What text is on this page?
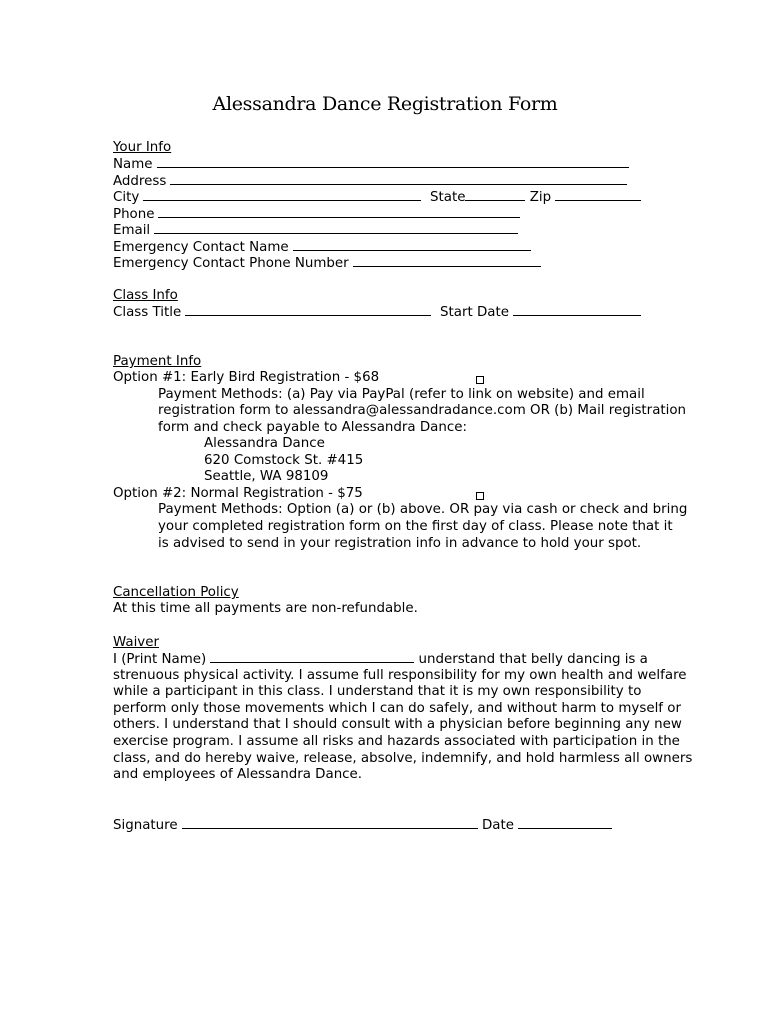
Alessandra Dance Registration Form
Your Info
Name
Address
City	State	Zip
Phone
Email
Emergency Contact Name
Emergency Contact Phone Number
Class Info
Class Title	Start Date
Payment Info
Option #1: Early Bird Registration - $68
Payment Methods: (a) Pay via PayPal (refer to link on website) and email
registration form to alessandra@alessandradance.com OR (b) Mail registration
form and check payable to Alessandra Dance:
Alessandra Dance
620 Comstock St. #415
Seattle, WA 98109
Option #2: Normal Registration - $75
Payment Methods: Option (a) or (b) above. OR pay via cash or check and bring
your completed registration form on the first day of class. Please note that it
is advised to send in your registration info in advance to hold your spot.
Cancellation Policy
At this time all payments are non-refundable.
Waiver
I (Print Name)	understand that belly dancing is a
strenuous physical activity. I assume full responsibility for my own health and welfare
while a participant in this class. I understand that it is my own responsibility to
perform only those movements which I can do safely, and without harm to myself or
others. I understand that I should consult with a physician before beginning any new
exercise program. I assume all risks and hazards associated with participation in the
class, and do hereby waive, release, absolve, indemnify, and hold harmless all owners
and employees of Alessandra Dance.
Signature	Date
